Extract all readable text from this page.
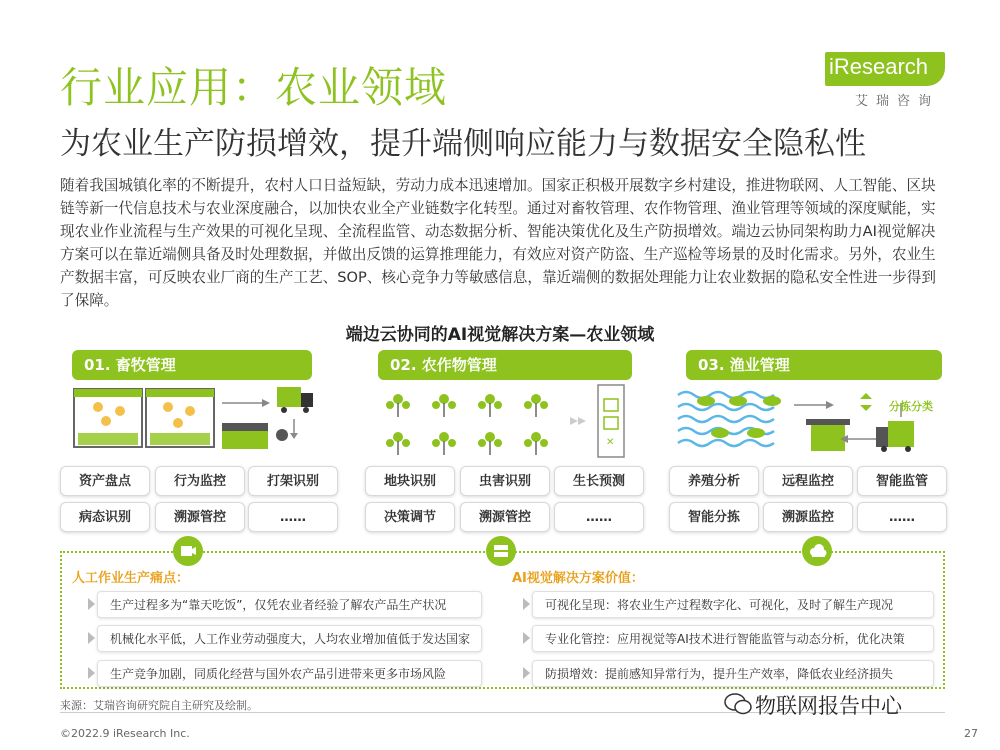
行业应用：农业领域
为农业生产防损增效，提升端侧响应能力与数据安全隐私性
iResearch
艾瑞咨询
随着我国城镇化率的不断提升，农村人口日益短缺，劳动力成本迅速增加。国家正积极开展数字乡村建设，推进物联网、人工智能、区块链等新一代信息技术与农业深度融合，以加快农业全产业链数字化转型。通过对畜牧管理、农作物管理、渔业管理等领域的深度赋能，实现农业作业流程与生产效果的可视化呈现、全流程监管、动态数据分析、智能决策优化及生产防损增效。端边云协同架构助力AI视觉解决方案可以在靠近端侧具备及时处理数据，并做出反馈的运算推理能力，有效应对资产防盗、生产巡检等场景的及时化需求。另外，农业生产数据丰富，可反映农业厂商的生产工艺、SOP、核心竞争力等敏感信息，靠近端侧的数据处理能力让农业数据的隐私安全性进一步得到了保障。
端边云协同的AI视觉解决方案—农业领域
01. 畜牧管理	02. 农作物管理	03. 渔业管理
✕
分拣分类
资产盘点	行为监控	打架识别
病态识别	溯源管控	……
地块识别	虫害识别	生长预测
决策调节	溯源管控	……
养殖分析	远程监控	智能监管
智能分拣	溯源监控	……
人工作业生产痛点：	AI视觉解决方案价值：
生产过程多为“靠天吃饭”，仅凭农业者经验了解农产品生产状况
机械化水平低，人工作业劳动强度大，人均农业增加值低于发达国家
生产竞争加剧，同质化经营与国外农产品引进带来更多市场风险
可视化呈现：将农业生产过程数字化、可视化，及时了解生产现况
专业化管控：应用视觉等AI技术进行智能监管与动态分析，优化决策
防损增效：提前感知异常行为，提升生产效率，降低农业经济损失
来源：艾瑞咨询研究院自主研究及绘制。
©2022.9 iResearch Inc.	27
物联网报告中心
